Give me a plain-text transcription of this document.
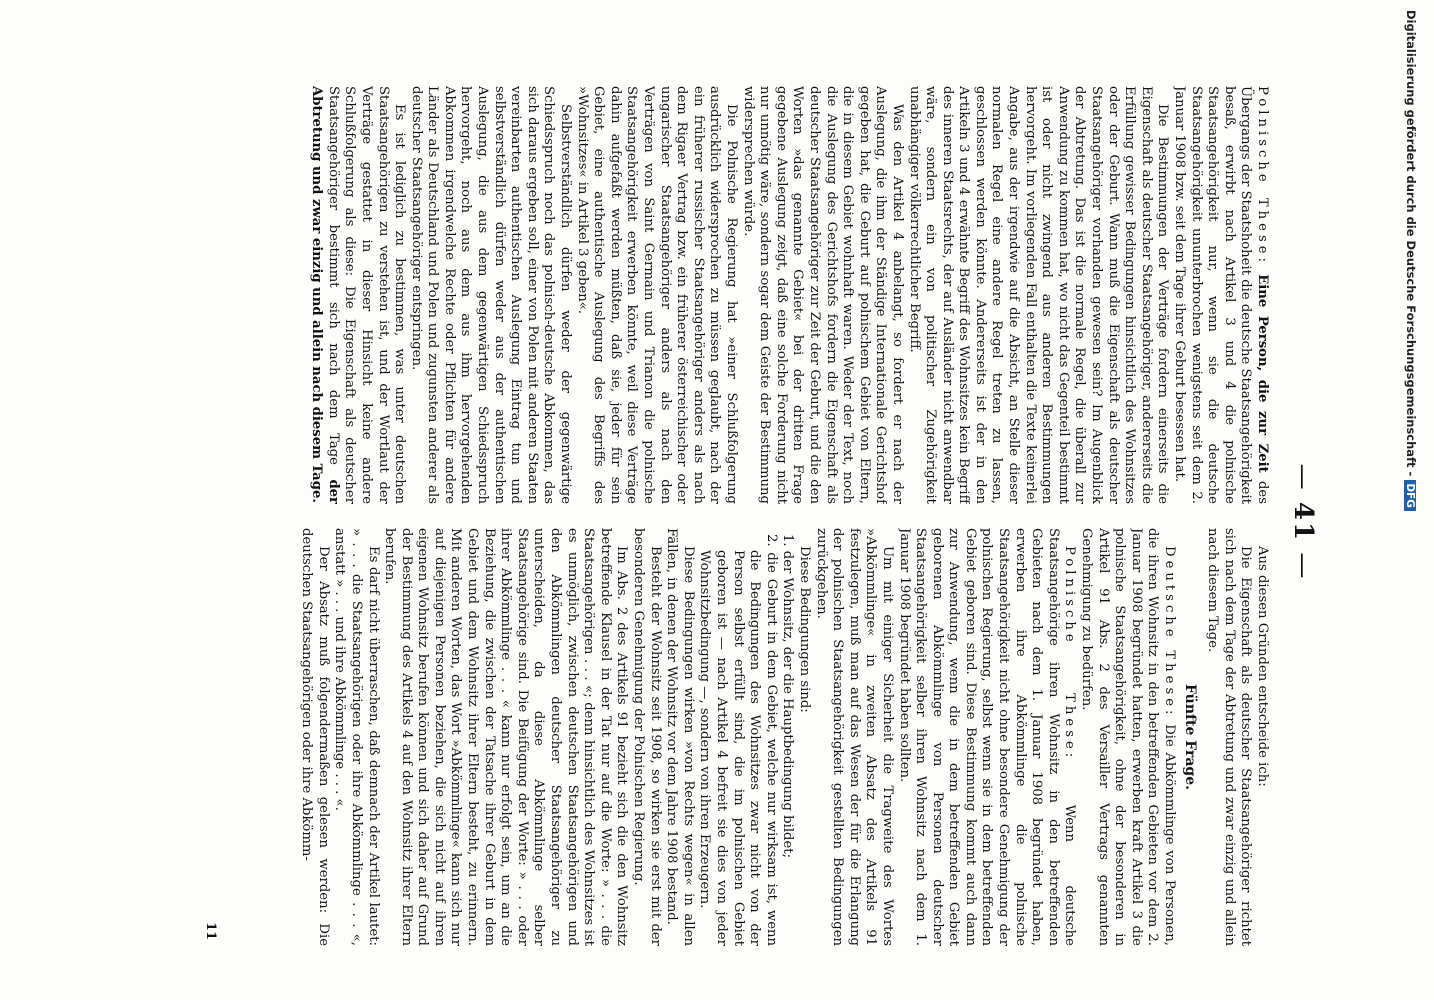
— 41 —

Polnische These: Eine Person, die zur Zeit des Übergangs der Staatshoheit die deutsche Staatsangehörigkeit besaß, erwirbt nach Artikel 3 und 4 die polnische Staatsangehörigkeit nur, wenn sie die deutsche Staatsangehörigkeit ununterbrochen wenigstens seit dem 2. Januar 1908 bzw. seit dem Tage ihrer Geburt besessen hat.

Die Bestimmungen der Verträge fordern einerseits die Eigenschaft als deutscher Staatsangehöriger, andererseits die Erfüllung gewisser Bedingungen hinsichtlich des Wohnsitzes oder der Geburt. Wann muß die Eigenschaft als deutscher Staatsangehöriger vorhanden gewesen sein? Im Augenblick der Abtretung. Das ist die normale Regel, die überall zur Anwendung zu kommen hat, wo nicht das Gegenteil bestimmt ist oder nicht zwingend aus anderen Bestimmungen hervorgeht. Im vorliegenden Fall enthalten die Texte keinerlei Angabe, aus der irgendwie auf die Absicht, an Stelle dieser normalen Regel eine andere Regel treten zu lassen, geschlossen werden könnte. Andererseits ist der in den Artikeln 3 und 4 erwähnte Begriff des Wohnsitzes kein Begriff des inneren Staatsrechts, der auf Ausländer nicht anwendbar wäre, sondern ein von politischer Zugehörigkeit unabhängiger völkerrechtlicher Begriff.

Was den Artikel 4 anbelangt, so fordert er nach der Auslegung, die ihm der Ständige Internationale Gerichtshof gegeben hat, die Geburt auf polnischem Gebiet von Eltern, die in diesem Gebiet wohnhaft waren. Weder der Text, noch die Auslegung des Gerichtshofs fordern die Eigenschaft als deutscher Staatsangehöriger zur Zeit der Geburt, und die den Worten »das genannte Gebiet« bei der dritten Frage gegebene Auslegung zeigt, daß eine solche Forderung nicht nur unnötig wäre, sondern sogar dem Geiste der Bestimmung widersprechen würde.

Die Polnische Regierung hat »einer Schlußfolgerung ausdrücklich widersprochen zu müssen geglaubt, nach der ein früherer russischer Staatsangehöriger anders als nach dem Rigaer Vertrag bzw. ein früherer österreichischer oder ungarischer Staatsangehöriger anders als nach den Verträgen von Saint Germain und Trianon die polnische Staatsangehörigkeit erwerben könnte, weil diese Verträge dahin aufgefaßt werden müßten, daß sie, jeder für sein Gebiet, eine authentische Auslegung des Begriffs des »Wohnsitzes« in Artikel 3 geben«.

Selbstverständlich dürfen weder der gegenwärtige Schiedsspruch noch das polnisch-deutsche Abkommen, das sich daraus ergeben soll, einer von Polen mit anderen Staaten vereinbarten authentischen Auslegung Eintrag tun und selbstverständlich dürfen weder aus der authentischen Auslegung, die aus dem gegenwärtigen Schiedsspruch hervorgeht, noch aus dem aus ihm hervorgehenden Abkommen irgendwelche Rechte oder Pflichten für andere Länder als Deutschland und Polen und zugunsten anderer als deutscher Staatsangehöriger entspringen.

Es ist lediglich zu bestimmen, was unter deutschen Staatsangehörigen zu verstehen ist, und der Wortlaut der Verträge gestattet in dieser Hinsicht keine andere Schlußfolgerung als diese: Die Eigenschaft als deutscher Staatsangehöriger bestimmt sich nach dem Tage der Abtretung und zwar einzig und allein nach diesem Tage.

Aus diesen Gründen entscheide ich:

Die Eigenschaft als deutscher Staatsangehöriger richtet sich nach dem Tage der Abtretung und zwar einzig und allein nach diesem Tage.

Fünfte Frage.

Deutsche These: Die Abkömmlinge von Personen, die ihren Wohnsitz in den betreffenden Gebieten vor dem 2. Januar 1908 begründet hatten, erwerben kraft Artikel 3 die polnische Staatsangehörigkeit, ohne der besonderen in Artikel 91 Abs. 2 des Versailler Vertrags genannten Genehmigung zu bedürfen.

Polnische These: Wenn deutsche Staatsangehörige ihren Wohnsitz in den betreffenden Gebieten nach dem 1. Januar 1908 begründet haben, erwerben ihre Abkömmlinge die polnische Staatsangehörigkeit nicht ohne besondere Genehmigung der polnischen Regierung, selbst wenn sie in dem betreffenden Gebiet geboren sind. Diese Bestimmung kommt auch dann zur Anwendung, wenn die in dem betreffenden Gebiet geborenen Abkömmlinge von Personen deutscher Staatsangehörigkeit selber ihren Wohnsitz nach dem 1. Januar 1908 begründet haben sollten.

Um mit einiger Sicherheit die Tragweite des Wortes »Abkömmlinge« in zweiten Absatz des Artikels 91 festzulegen, muß man auf das Wesen der für die Erlangung der polnischen Staatsangehörigkeit gestellten Bedingungen zurückgehen.

Diese Bedingungen sind:

1. der Wohnsitz, der die Hauptbedingung bildet;

2. die Geburt in dem Gebiet, welche nur wirksam ist, wenn die Bedingungen des Wohnsitzes zwar nicht von der Person selbst erfüllt sind, die im polnischen Gebiet geboren ist — nach Artikel 4 befreit sie dies von jeder Wohnsitzbedingung —, sondern von ihren Erzeugern.

Diese Bedingungen wirken »von Rechts wegen« in allen Fällen, in denen der Wohnsitz vor dem Jahre 1908 bestand.

Besteht der Wohnsitz seit 1908, so wirken sie erst mit der besonderen Genehmigung der Polnischen Regierung.

Im Abs. 2 des Artikels 91 bezieht sich die den Wohnsitz betreffende Klausel in der Tat nur auf die Worte: » . . . die Staatsangehörigen . . . «; denn hinsichtlich des Wohnsitzes ist es unmöglich, zwischen deutschen Staatsangehörigen und den Abkömmlingen deutscher Staatsangehöriger zu unterscheiden, da diese Abkömmlinge selber Staatsangehörige sind. Die Beifügung der Worte: » . . . oder ihrer Abkömmlinge . . . « kann nur erfolgt sein, um an die Beziehung, die zwischen der Tatsache ihrer Geburt in dem Gebiet und dem Wohnsitz ihrer Eltern besteht, zu erinnern. Mit anderen Worten, das Wort »Abkömmlinge« kann sich nur auf diejenigen Personen beziehen, die sich nicht auf ihren eigenen Wohnsitz berufen können und sich daher auf Grund der Bestimmung des Artikels 4 auf den Wohnsitz ihrer Eltern berufen.

Es darf nicht überraschen, daß demnach der Artikel lautet: » . . . die Staatsangehörigen oder ihre Abkömmlinge . . . «, anstatt » . . . und ihre Abkömmlinge . . . «.

Der Absatz muß folgendermaßen gelesen werden: Die deutschen Staatsangehörigen oder ihre Abkömm-

11
Digitalisierung gefördert durch die Deutsche Forschungsgemeinschaft -DFG
